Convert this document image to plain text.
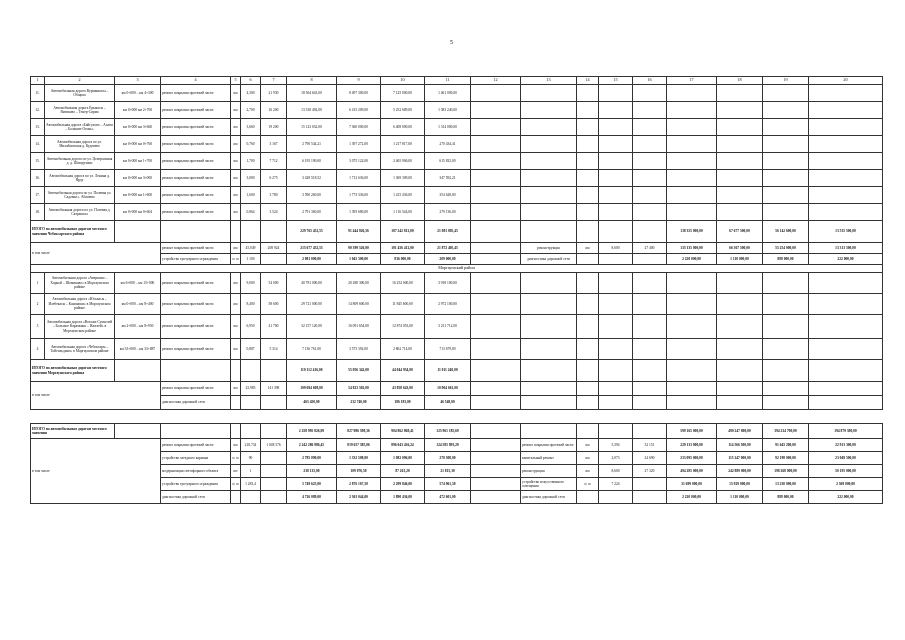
5
1	2	3	4	5	6	7	8	9	10	11	12	13	14	15	16	17	18	19	20
11.	Автомобильная дорога Вурманкасы – Общиха	км 0+000 – км 4+300	ремонт покрытия проезжей части	км	4,300	21 930	18 564 643,00	8 497 300,00	7 125 000,00	1 461 000,00									
12.	Автомобильная дорога Ерыкасы – Янтиково – Тенер-Сирма	км 0+000 км 2+700	ремонт покрытия проезжей части	км	2,700	16 200	13 330 492,00	6 415 209,00	5 252 689,00	1 383 240,00									
13.	Автомобильная дорога «Байгулово – Ахаты – Большие Огонь»	км 0+000 км 3+660	ремонт покрытия проезжей части	км	3,660	19 200	15 123 032,00	7 360 000,00	6 408 000,00	1 314 000,00									
14.	Автомобильная дорога по ул. Михайловская д. Кудеяево	км 0+000 км 0+760	ремонт покрытия проезжей части	км	0,760	3 167	2 790 544,21	1 397 272,00	1 217 817,00	270 434,41									
15.	Автомобильная дорога по ул. Центральная д. д. Шимурзино	км 0+000 км 1+700	ремонт покрытия проезжей части	км	1,700	7 712	6 195 190,00	3 075 122,00	2 465 906,00	615 823,00									
16.	Автомобильная дорога по ул. Ленина д. Ярду	км 0+000 км 3+000	ремонт покрытия проезжей части	км	3,000	6 275	3 428 518,52	1 712 636,00	1 369 309,00	347 592,21									
17.	Автомобильная дорога по ул. Полевая ул. Садовая с. Абашево	км 0+000 км 1+600	ремонт покрытия проезжей части	км	1,600	3 780	3 590 260,00	1 773 336,00	1 415 436,00	354 628,00									
18.	Автомобильная дорога по ул. Полевая д. Сятракасы	км 0+000 км 0+604	ремонт покрытия проезжей части	км	0,864	3 524	2 791 360,00	1 395 680,00	1 116 544,00	279 136,00									
ИТОГО по автомобильным дорогам местного значения Чебоксарского района							229 765 452,55	91 444 826,56	107 242 812,00	21 081 805,45						138 355 000,00	67 677 500,00	56 142 600,00	13 535 500,00
в том числе			ремонт покрытия проезжей части	км	45,049	208 924	215 677 452,55	90 399 526,00	101 456 412,00	21 872 405,45		реконструкция	км	8,600	27 400	135 135 000,00	66 567 500,00	55 254 000,00	13 313 500,00
			устройство тротуарного ограждения	п. м	1 100		2 081 000,00	1 045 300,00	836 000,00	209 000,00		диагностика дорожной сети				2 220 000,00	1 110 000,00	888 000,00	222 000,00
Моргаушский район																			
1	Автомобильная дорога «Аверкино – Хорной – Шомиково» в Моргаушском районе	км 6+000 – км 15+000	ремонт покрытия проезжей части	км	9,000	54 000	40 781 000,00	20 280 300,00	16 252 600,00	3 918 100,00									
2	Автомобильная дорога «Юськасы – Илебекасы – Кашмаши» в Моргаушском районе	км 0+000 – км 8+400	ремонт покрытия проезжей части	км	8,400	58 600	29 721 000,00	14 809 600,00	11 845 600,00	2 972 100,00									
3	Автомобильная дорога «Вотлаш Сунчелей – Большое Карачкино – Ижелей» в Моргаушском районе	км 2+000 – км 8+950	ремонт покрытия проезжей части	км	6,950	41 700	32 157 120,00	16 091 654,00	12 874 053,00	3 211 712,00									
4	Автомобильная дорога «Чебоксары – Тойгильдино» в Моргаушском районе	км 33+000 – км 33+887	ремонт покрытия проезжей части	км	0,887	5 314	7 136 761,00	3 575 392,00	2 862 714,00	713 679,00									
ИТОГО по автомобильным дорогам местного значения Моргаушского района							110 112 416,00	55 056 342,00	44 044 934,00	11 011 240,00									
в том числе			ремонт покрытия проезжей части	км	25,983	141 398	109 694 608,00	54 823 502,00	43 858 643,00	10 964 661,00									
			диагностика дорожной сети				465 450,00	232 740,00	186 183,00	46 548,00									

ИТОГО по автомобильным дорогам местного значения							2 258 995 826,09	827 986 598,36	904 862 868,41	125 961 185,69						599 165 000,00	490 247 800,00	394 234 700,00	194 879 300,00
в том числе			ремонт покрытия проезжей части	км	218,734	1 048 376	2 242 286 986,45	819 657 385,06	896 043 436,24	124 585 893,29		ремонт покрытия проезжей части	км	5,394	32 151	229 133 000,00	114 566 500,00	91 645 200,00	22 913 300,00
			устройство заездного кармана	п. м	90		2 785 090,00	1 332 508,00	1 082 096,00	270 508,00		капитальный ремонт	км	2,073	24 690	233 095 000,00	115 247 000,00	92 198 000,00	23 049 500,00
			модернизация светофорного объекта	шт	1		238 135,00	109 076,50	87 261,20	21 815,30		реконструкция	км	8,600	27 320	494 285 000,00	242 889 000,00	198 268 000,00	50 195 000,00
			устройство тротуарного ограждения	п. м	1 283,4		5 749 625,00	2 876 167,50	2 299 846,00	574 961,50		устройство искусственного освещения	п. м	7 224		31 699 000,00	15 929 000,00	13 230 000,00	2 369 000,00
			диагностика дорожной сети				4 726 089,00	2 363 044,00	1 890 436,00	472 601,00		диагностика дорожной сети				2 220 000,00	1 110 000,00	888 000,00	222 000,00
